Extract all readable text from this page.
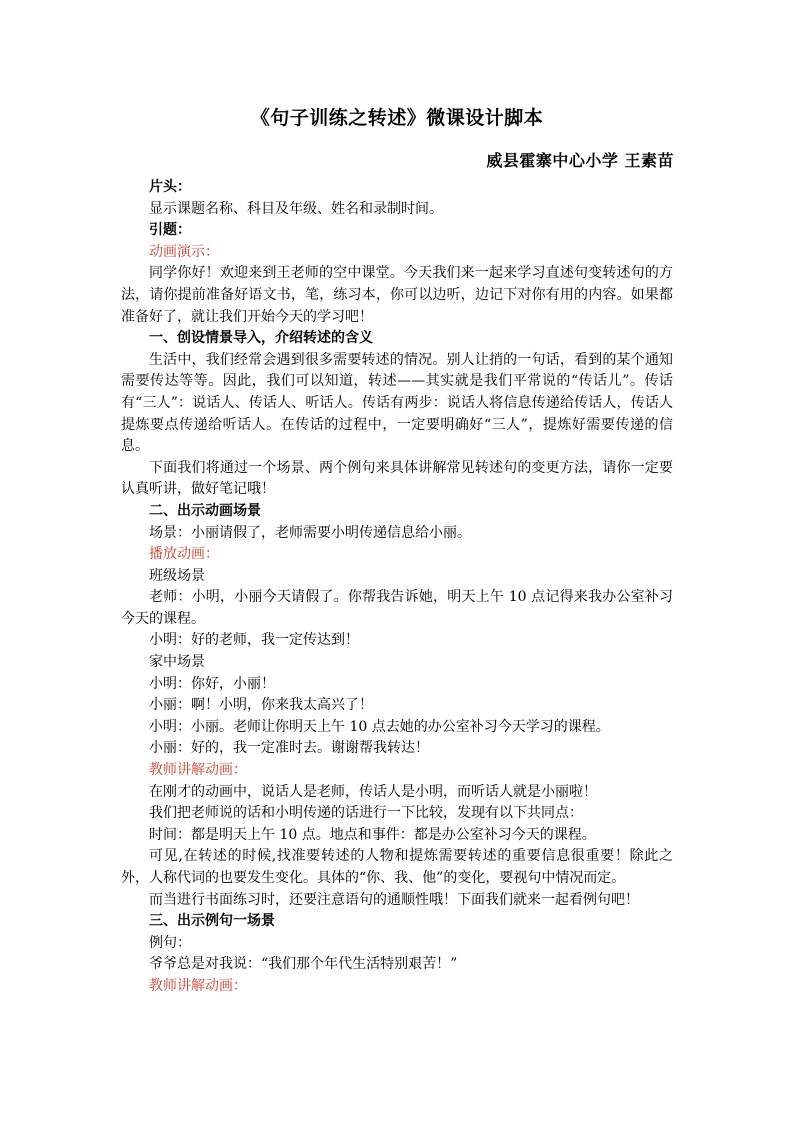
《句子训练之转述》微课设计脚本
威县霍寨中心小学 王素苗

片头：

显示课题名称、科目及年级、姓名和录制时间。

引题：

动画演示：

同学你好！欢迎来到王老师的空中课堂。今天我们来一起来学习直述句变转述句的方法，请你提前准备好语文书，笔，练习本，你可以边听，边记下对你有用的内容。如果都准备好了，就让我们开始今天的学习吧！

一、创设情景导入，介绍转述的含义

生活中，我们经常会遇到很多需要转述的情况。别人让捎的一句话，看到的某个通知需要传达等等。因此，我们可以知道，转述——其实就是我们平常说的“传话儿”。传话有“三人”：说话人、传话人、听话人。传话有两步：说话人将信息传递给传话人，传话人提炼要点传递给听话人。在传话的过程中，一定要明确好“三人”，提炼好需要传递的信息。

下面我们将通过一个场景、两个例句来具体讲解常见转述句的变更方法，请你一定要认真听讲，做好笔记哦！

二、出示动画场景

场景：小丽请假了，老师需要小明传递信息给小丽。

播放动画：

班级场景

老师：小明，小丽今天请假了。你帮我告诉她，明天上午 10 点记得来我办公室补习今天的课程。

小明：好的老师，我一定传达到！

家中场景

小明：你好，小丽！

小丽：啊！小明，你来我太高兴了！

小明：小丽。老师让你明天上午 10 点去她的办公室补习今天学习的课程。

小丽：好的，我一定准时去。谢谢帮我转达！

教师讲解动画：

在刚才的动画中，说话人是老师，传话人是小明，而听话人就是小丽啦！

我们把老师说的话和小明传递的话进行一下比较，发现有以下共同点：

时间：都是明天上午 10 点。地点和事件：都是办公室补习今天的课程。

可见,在转述的时候,找准要转述的人物和提炼需要转述的重要信息很重要！除此之外，人称代词的也要发生变化。具体的“你、我、他”的变化，要视句中情况而定。

而当进行书面练习时，还要注意语句的通顺性哦！下面我们就来一起看例句吧！

三、出示例句一场景

例句：

爷爷总是对我说：“我们那个年代生活特别艰苦！”

教师讲解动画：
